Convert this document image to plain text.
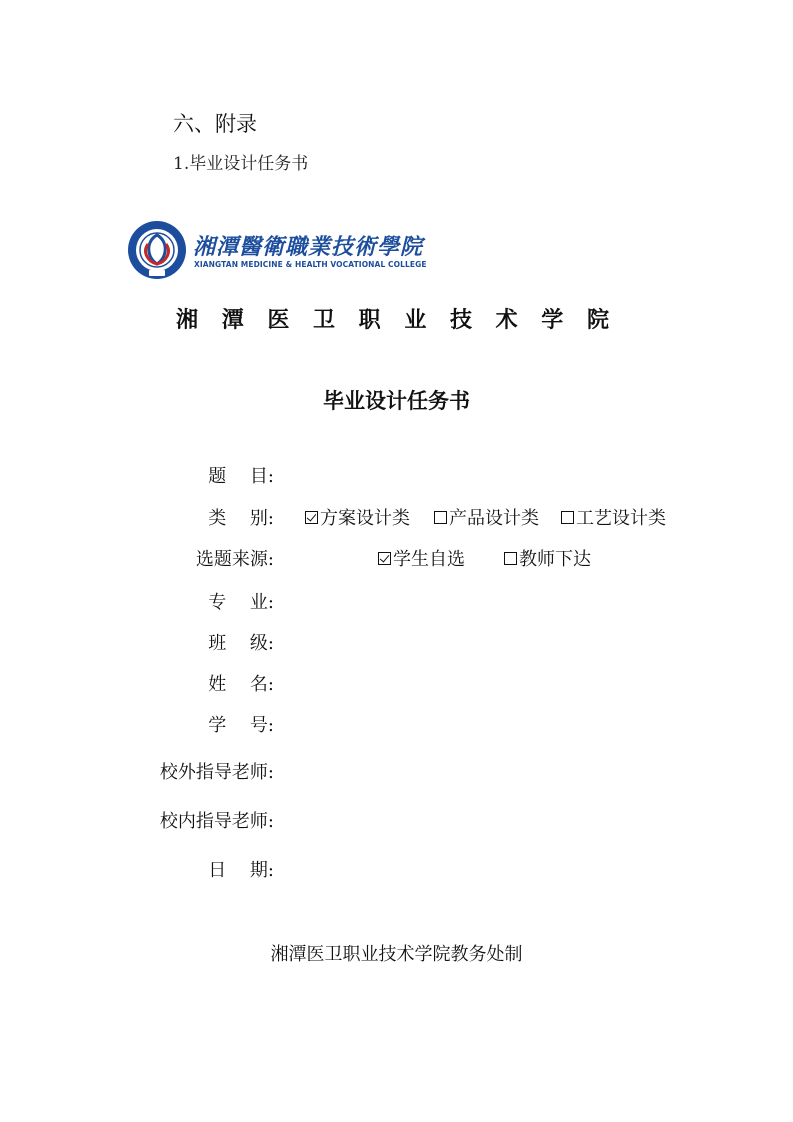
六、附录
1.毕业设计任务书
湘潭醫衛職業技術學院
XIANGTAN MEDICINE & HEALTH VOCATIONAL COLLEGE
湘 潭 医 卫 职 业 技 术 学 院
毕业设计任务书
题　 目:
类　 别:	方案设计类 产品设计类 工艺设计类
选题来源:	学生自选	教师下达
专　 业:
班　 级:
姓　 名:
学　 号:
校外指导老师:
校内指导老师:
日　 期:
湘潭医卫职业技术学院教务处制
